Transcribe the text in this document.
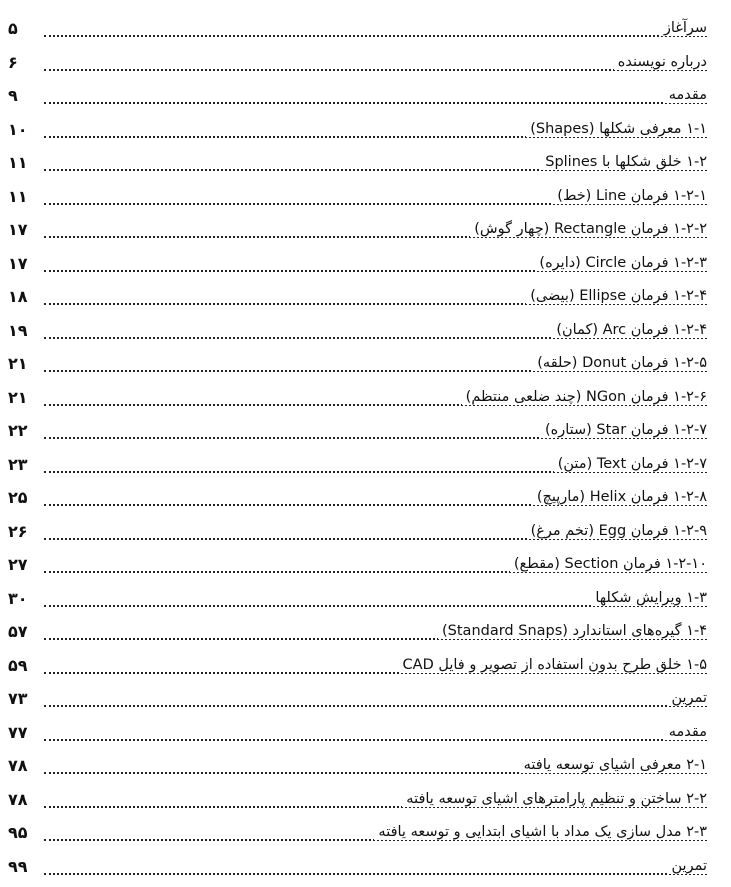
سرآغاز
۵
درباره نویسنده
۶
مقدمه
۹
۱-۱ معرفی شکلها (Shapes)
۱۰
۱-۲ خلق شکلها با Splines
۱۱
۱-۲-۱ فرمان Line (خط)
۱۱
۱-۲-۲ فرمان Rectangle (چهار گوش)
۱۷
۱-۲-۳ فرمان Circle (دایره)
۱۷
۱-۲-۴ فرمان Ellipse (بیضی)
۱۸
۱-۲-۴ فرمان Arc (کمان)
۱۹
۱-۲-۵ فرمان Donut (حلقه)
۲۱
۱-۲-۶ فرمان NGon (چند ضلعی منتظم)
۲۱
۱-۲-۷ فرمان Star (ستاره)
۲۲
۱-۲-۷ فرمان Text (متن)
۲۳
۱-۲-۸ فرمان Helix (مارپیچ)
۲۵
۱-۲-۹ فرمان Egg (تخم مرغ)
۲۶
۱-۲-۱۰ فرمان Section (مقطع)
۲۷
۱-۳ ویرایش شکلها
۳۰
۱-۴ گیره‌های استاندارد (Standard Snaps)
۵۷
۱-۵ خلق طرح بدون استفاده از تصویر و فایل CAD
۵۹
تمرین
۷۳
مقدمه
۷۷
۲-۱ معرفی اشیای توسعه یافته
۷۸
۲-۲ ساختن و تنظیم پارامترهای اشیای توسعه یافته
۷۸
۲-۳ مدل سازی یک مداد با اشیای ابتدایی و توسعه یافته
۹۵
تمرین
۹۹
